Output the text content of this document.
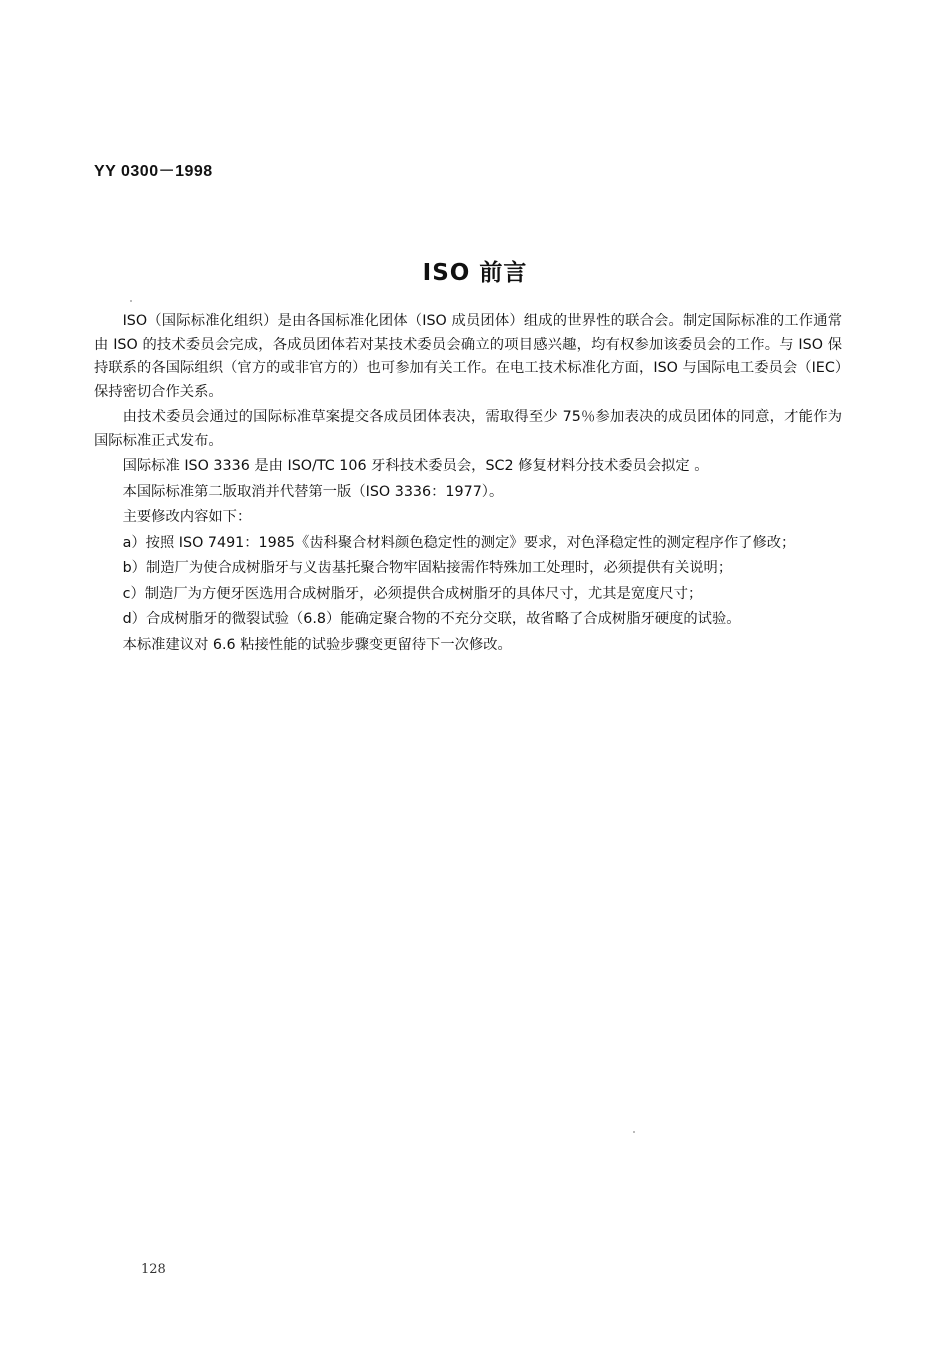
YY 0300－1998
ISO 前言

ISO（国际标准化组织）是由各国标准化团体（ISO 成员团体）组成的世界性的联合会。制定国际标准的工作通常由 ISO 的技术委员会完成，各成员团体若对某技术委员会确立的项目感兴趣，均有权参加该委员会的工作。与 ISO 保持联系的各国际组织（官方的或非官方的）也可参加有关工作。在电工技术标准化方面，ISO 与国际电工委员会（IEC）保持密切合作关系。

由技术委员会通过的国际标准草案提交各成员团体表决，需取得至少 75％参加表决的成员团体的同意，才能作为国际标准正式发布。

国际标准 ISO 3336 是由 ISO/TC 106 牙科技术委员会，SC2 修复材料分技术委员会拟定 。

本国际标准第二版取消并代替第一版（ISO 3336：1977）。

主要修改内容如下：

a）按照 ISO 7491：1985《齿科聚合材料颜色稳定性的测定》要求，对色泽稳定性的测定程序作了修改；

b）制造厂为使合成树脂牙与义齿基托聚合物牢固粘接需作特殊加工处理时，必须提供有关说明；

c）制造厂为方便牙医选用合成树脂牙，必须提供合成树脂牙的具体尺寸，尤其是宽度尺寸；

d）合成树脂牙的微裂试验（6.8）能确定聚合物的不充分交联，故省略了合成树脂牙硬度的试验。

本标准建议对 6.6 粘接性能的试验步骤变更留待下一次修改。

128
